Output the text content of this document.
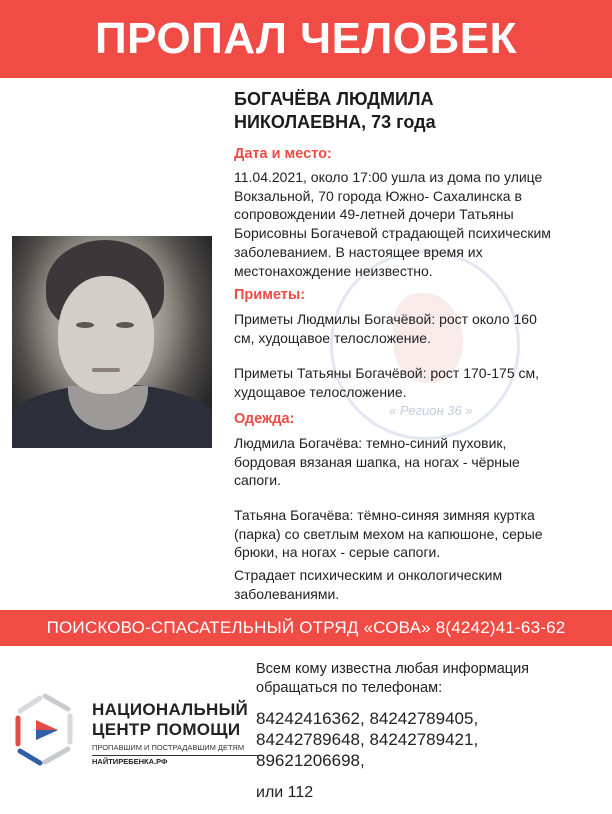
ПРОПАЛ ЧЕЛОВЕК
« Регион 36 »
БОГАЧЁВА ЛЮДМИЛА
НИКОЛАЕВНА, 73 года
Дата и место:
11.04.2021, около 17:00 ушла из дома по улице
Вокзальной, 70 города Южно- Сахалинска в
сопровождении 49-летней дочери Татьяны
Борисовны Богачевой страдающей психическим
заболеванием. В настоящее время их
местонахождение неизвестно.
Приметы:
Приметы Людмилы Богачёвой: рост около 160
см, худощавое телосложение.
Приметы Татьяны Богачёвой: рост 170-175 см,
худощавое телосложение.
Одежда:
Людмила Богачёва: темно-синий пуховик,
бордовая вязаная шапка, на ногах - чёрные
сапоги.
Татьяна Богачёва: тёмно-синяя зимняя куртка
(парка) со светлым мехом на капюшоне, серые
брюки, на ногах - серые сапоги.
Страдает психическим и онкологическим
заболеваниями.
ПОИСКОВО-СПАСАТЕЛЬНЫЙ ОТРЯД «СОВА» 8(4242)41-63-62
НАЦИОНАЛЬНЫЙ
ЦЕНТР ПОМОЩИ
ПРОПАВШИМ И ПОСТРАДАВШИМ ДЕТЯМ
НАЙТИРЕБЕНКА.РФ
Всем кому известна любая информация
обращаться по телефонам:
84242416362, 84242789405,
84242789648, 84242789421,
89621206698,
или 112
